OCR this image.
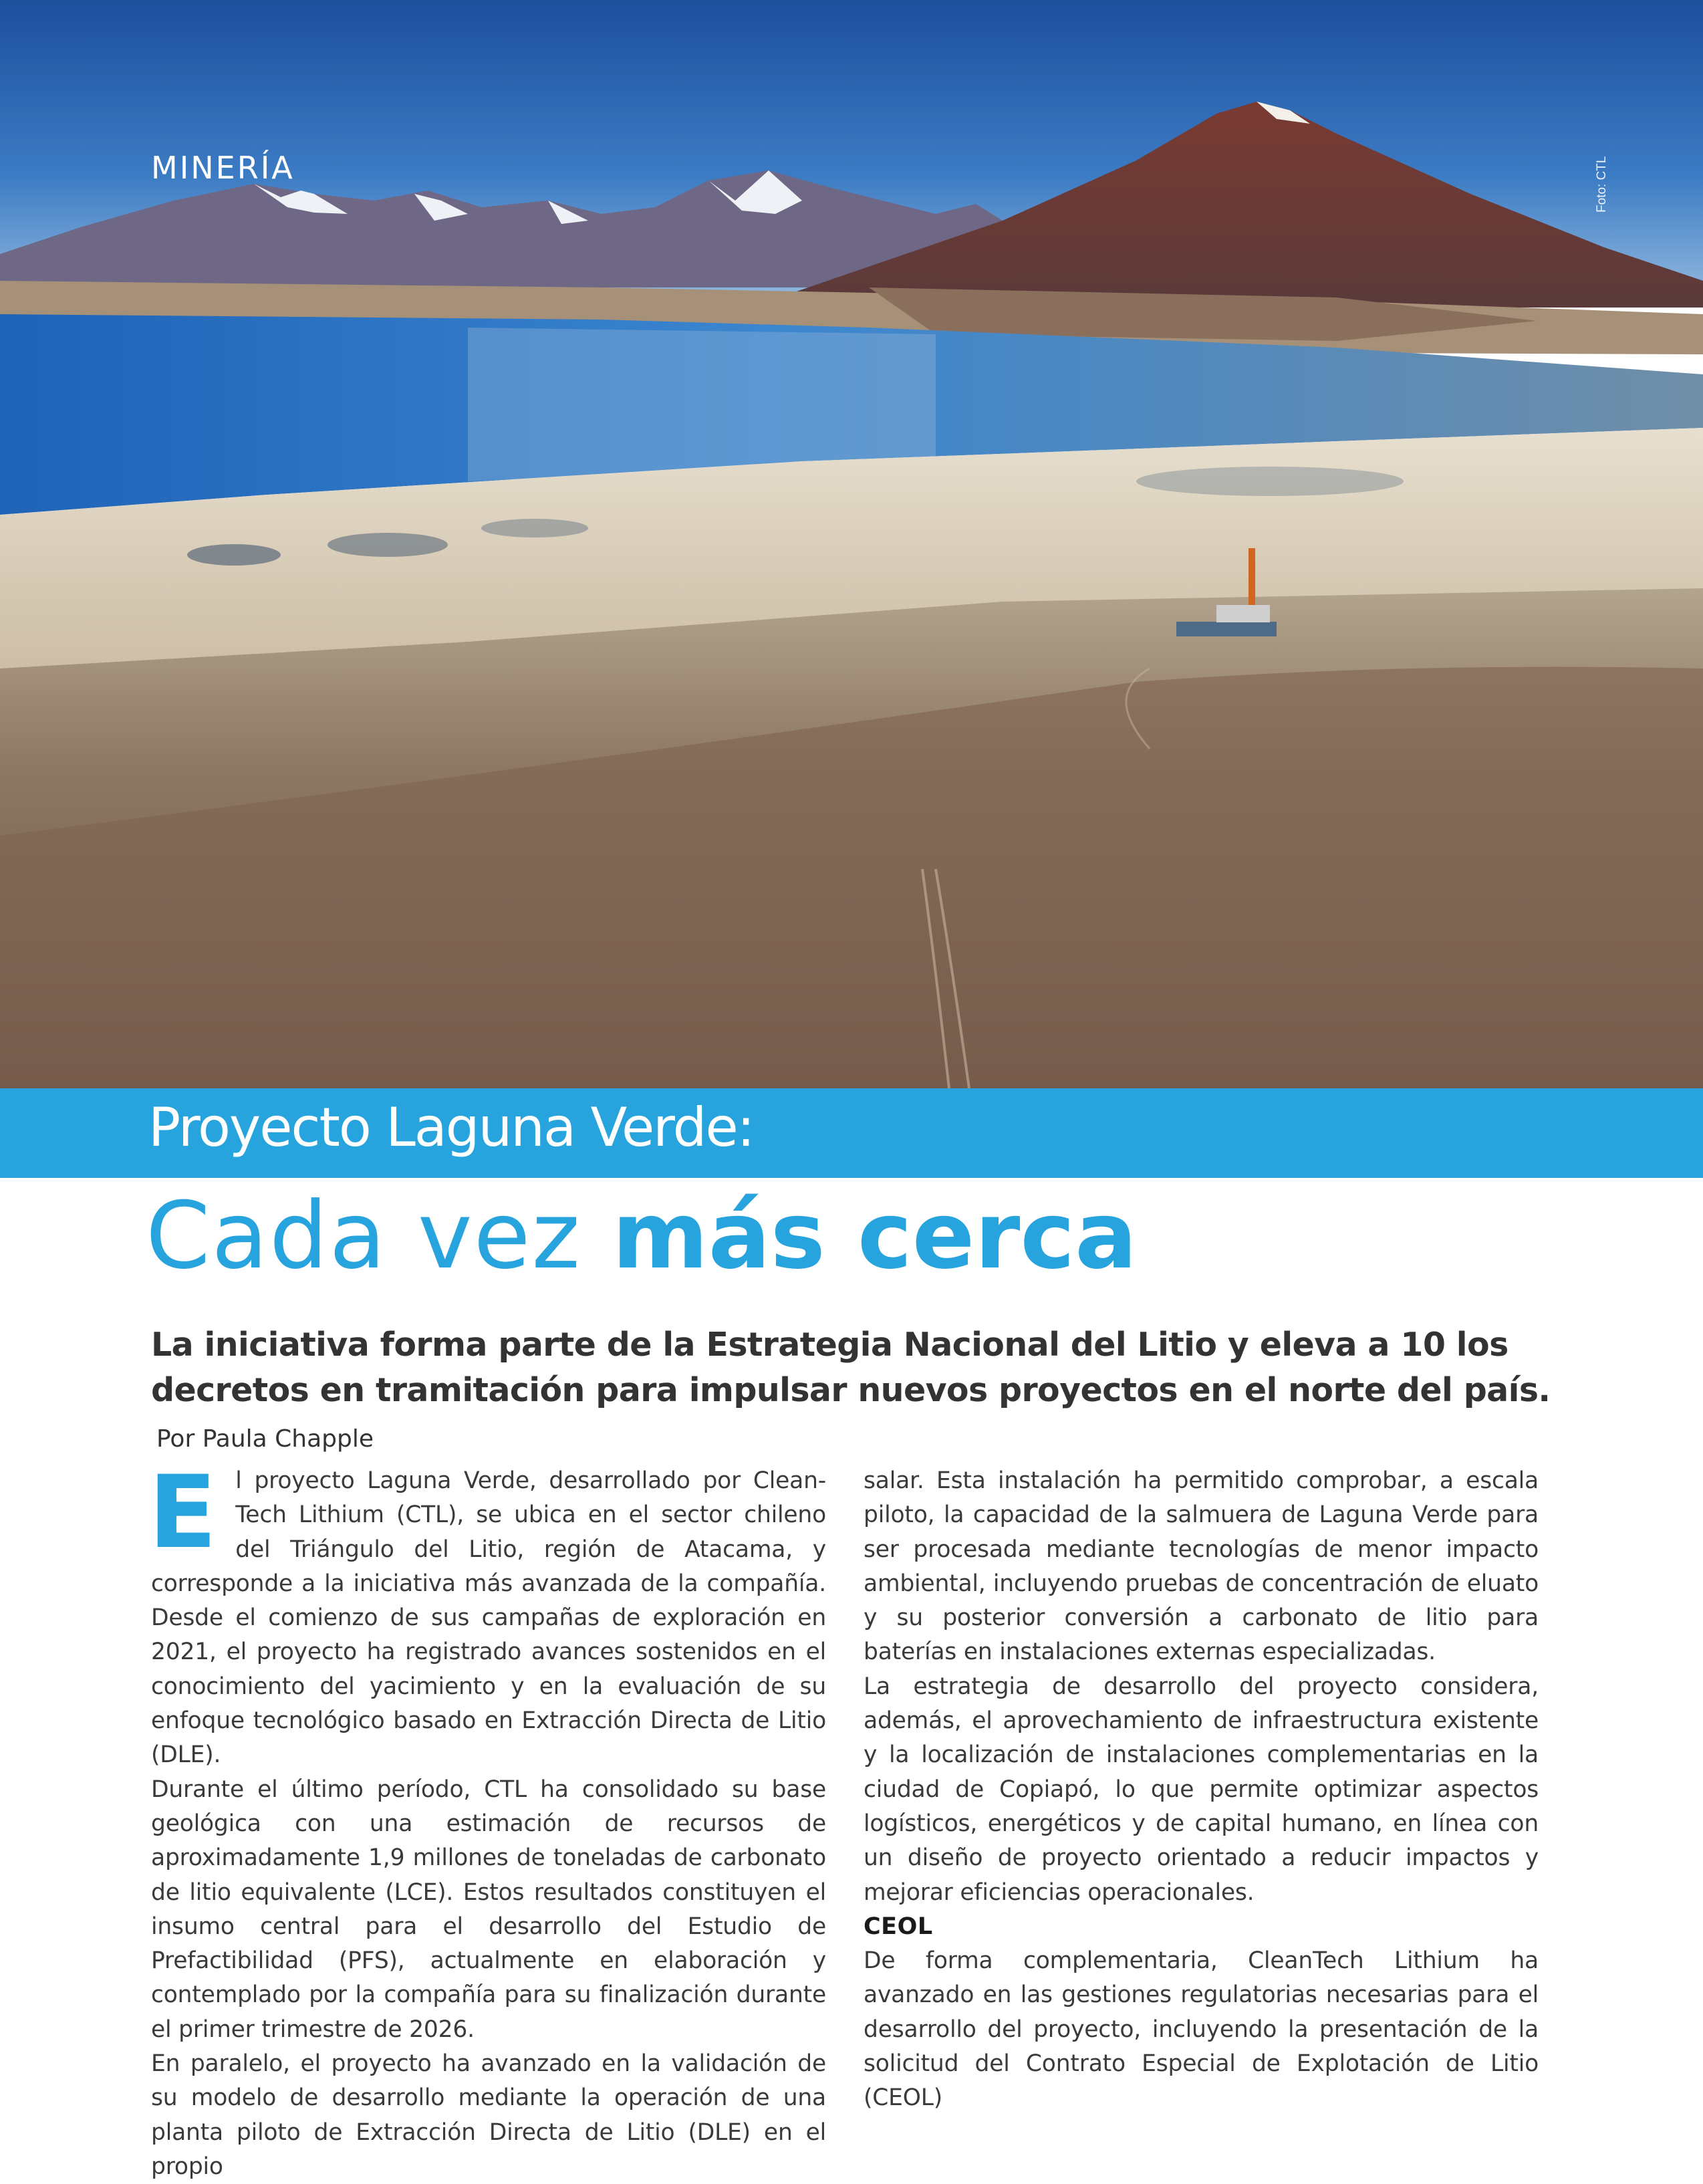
MINERÍA	Foto: CTL
Proyecto Laguna Verde:
Cada vez más cerca
La iniciativa forma parte de la Estrategia Nacional del Litio y eleva a 10 los decretos en tramitación para impulsar nuevos proyectos en el norte del país. Por Paula Chapple

El proyecto Laguna Verde, desarrollado por Clean-Tech Lithium (CTL), se ubica en el sector chileno del Triángulo del Litio, región de Atacama, y corresponde a la iniciativa más avanzada de la compañía. Desde el comienzo de sus campañas de exploración en 2021, el proyecto ha registrado avances sostenidos en el conocimiento del yacimiento y en la evaluación de su enfoque tecnológico basado en Extracción Directa de Litio (DLE).

Durante el último período, CTL ha consolidado su base geológica con una estimación de recursos de aproximadamente 1,9 millones de toneladas de carbonato de litio equivalente (LCE). Estos resultados constituyen el insumo central para el desarrollo del Estudio de Prefactibilidad (PFS), actualmente en elaboración y contemplado por la compañía para su finalización durante el primer trimestre de 2026.

En paralelo, el proyecto ha avanzado en la validación de su modelo de desarrollo mediante la operación de una planta piloto de Extracción Directa de Litio (DLE) en el propio

salar. Esta instalación ha permitido comprobar, a escala piloto, la capacidad de la salmuera de Laguna Verde para ser procesada mediante tecnologías de menor impacto ambiental, incluyendo pruebas de concentración de eluato y su posterior conversión a carbonato de litio para baterías en instalaciones externas especializadas.

La estrategia de desarrollo del proyecto considera, además, el aprovechamiento de infraestructura existente y la localización de instalaciones complementarias en la ciudad de Copiapó, lo que permite optimizar aspectos logísticos, energéticos y de capital humano, en línea con un diseño de proyecto orientado a reducir impactos y mejorar eficiencias operacionales.

CEOL

De forma complementaria, CleanTech Lithium ha avanzado en las gestiones regulatorias necesarias para el desarrollo del proyecto, incluyendo la presentación de la solicitud del Contrato Especial de Explotación de Litio (CEOL)
